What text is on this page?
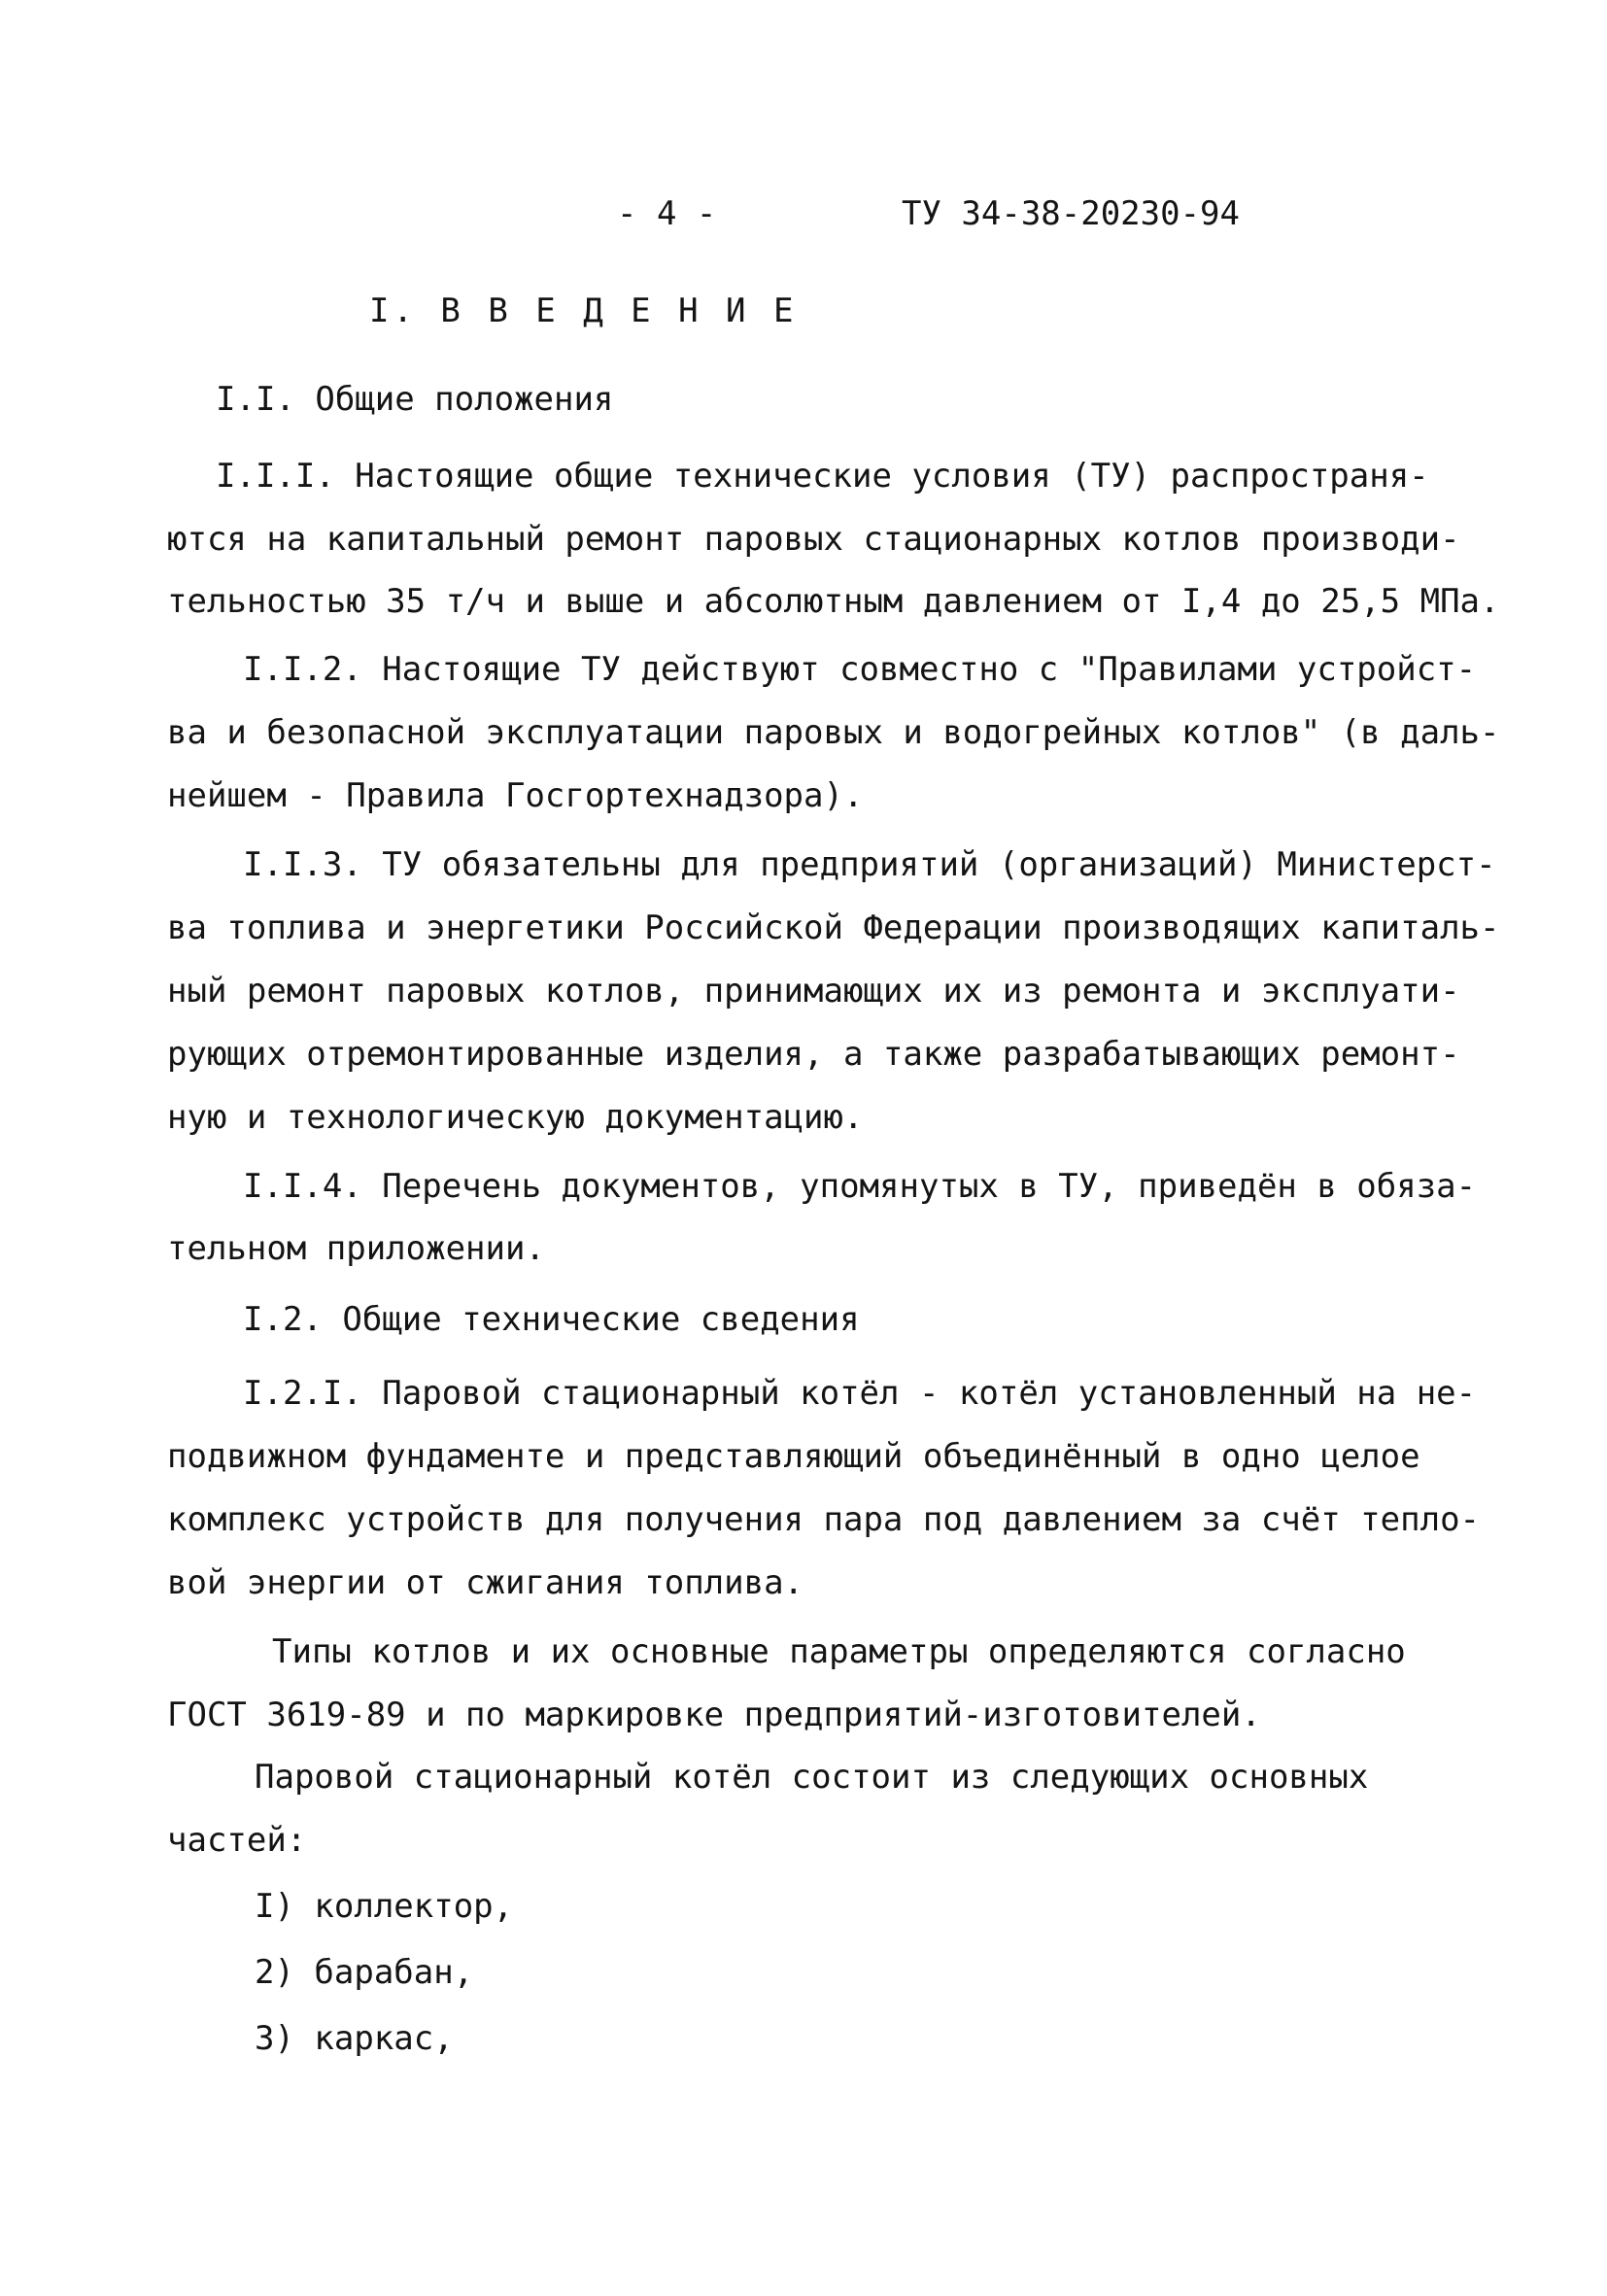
- 4 -	ТУ 34-38-20230-94
I. В В Е Д Е Н И Е
I.I. Общие положения
I.I.I. Настоящие общие технические условия (ТУ) распространя-
ются на капитальный ремонт паровых стационарных котлов производи-
тельностью 35 т/ч и выше и абсолютным давлением от I,4 до 25,5 МПа.
I.I.2. Настоящие ТУ действуют совместно с "Правилами устройст-
ва и безопасной эксплуатации паровых и водогрейных котлов" (в даль-
нейшем - Правила Госгортехнадзора).
I.I.3. ТУ обязательны для предприятий (организаций) Министерст-
ва топлива и энергетики Российской Федерации производящих капиталь-
ный ремонт паровых котлов, принимающих их из ремонта и эксплуати-
рующих отремонтированные изделия, а также разрабатывающих ремонт-
ную и технологическую документацию.
I.I.4. Перечень документов, упомянутых в ТУ, приведён в обяза-
тельном приложении.
I.2. Общие технические сведения
I.2.I. Паровой стационарный котёл - котёл установленный на не-
подвижном фундаменте и представляющий объединённый в одно целое
комплекс устройств для получения пара под давлением за счёт тепло-
вой энергии от сжигания топлива.
Типы котлов и их основные параметры определяются согласно
ГОСТ 3619-89 и по маркировке предприятий-изготовителей.
Паровой стационарный котёл состоит из следующих основных
частей:
I) коллектор,
2) барабан,
3) каркас,
